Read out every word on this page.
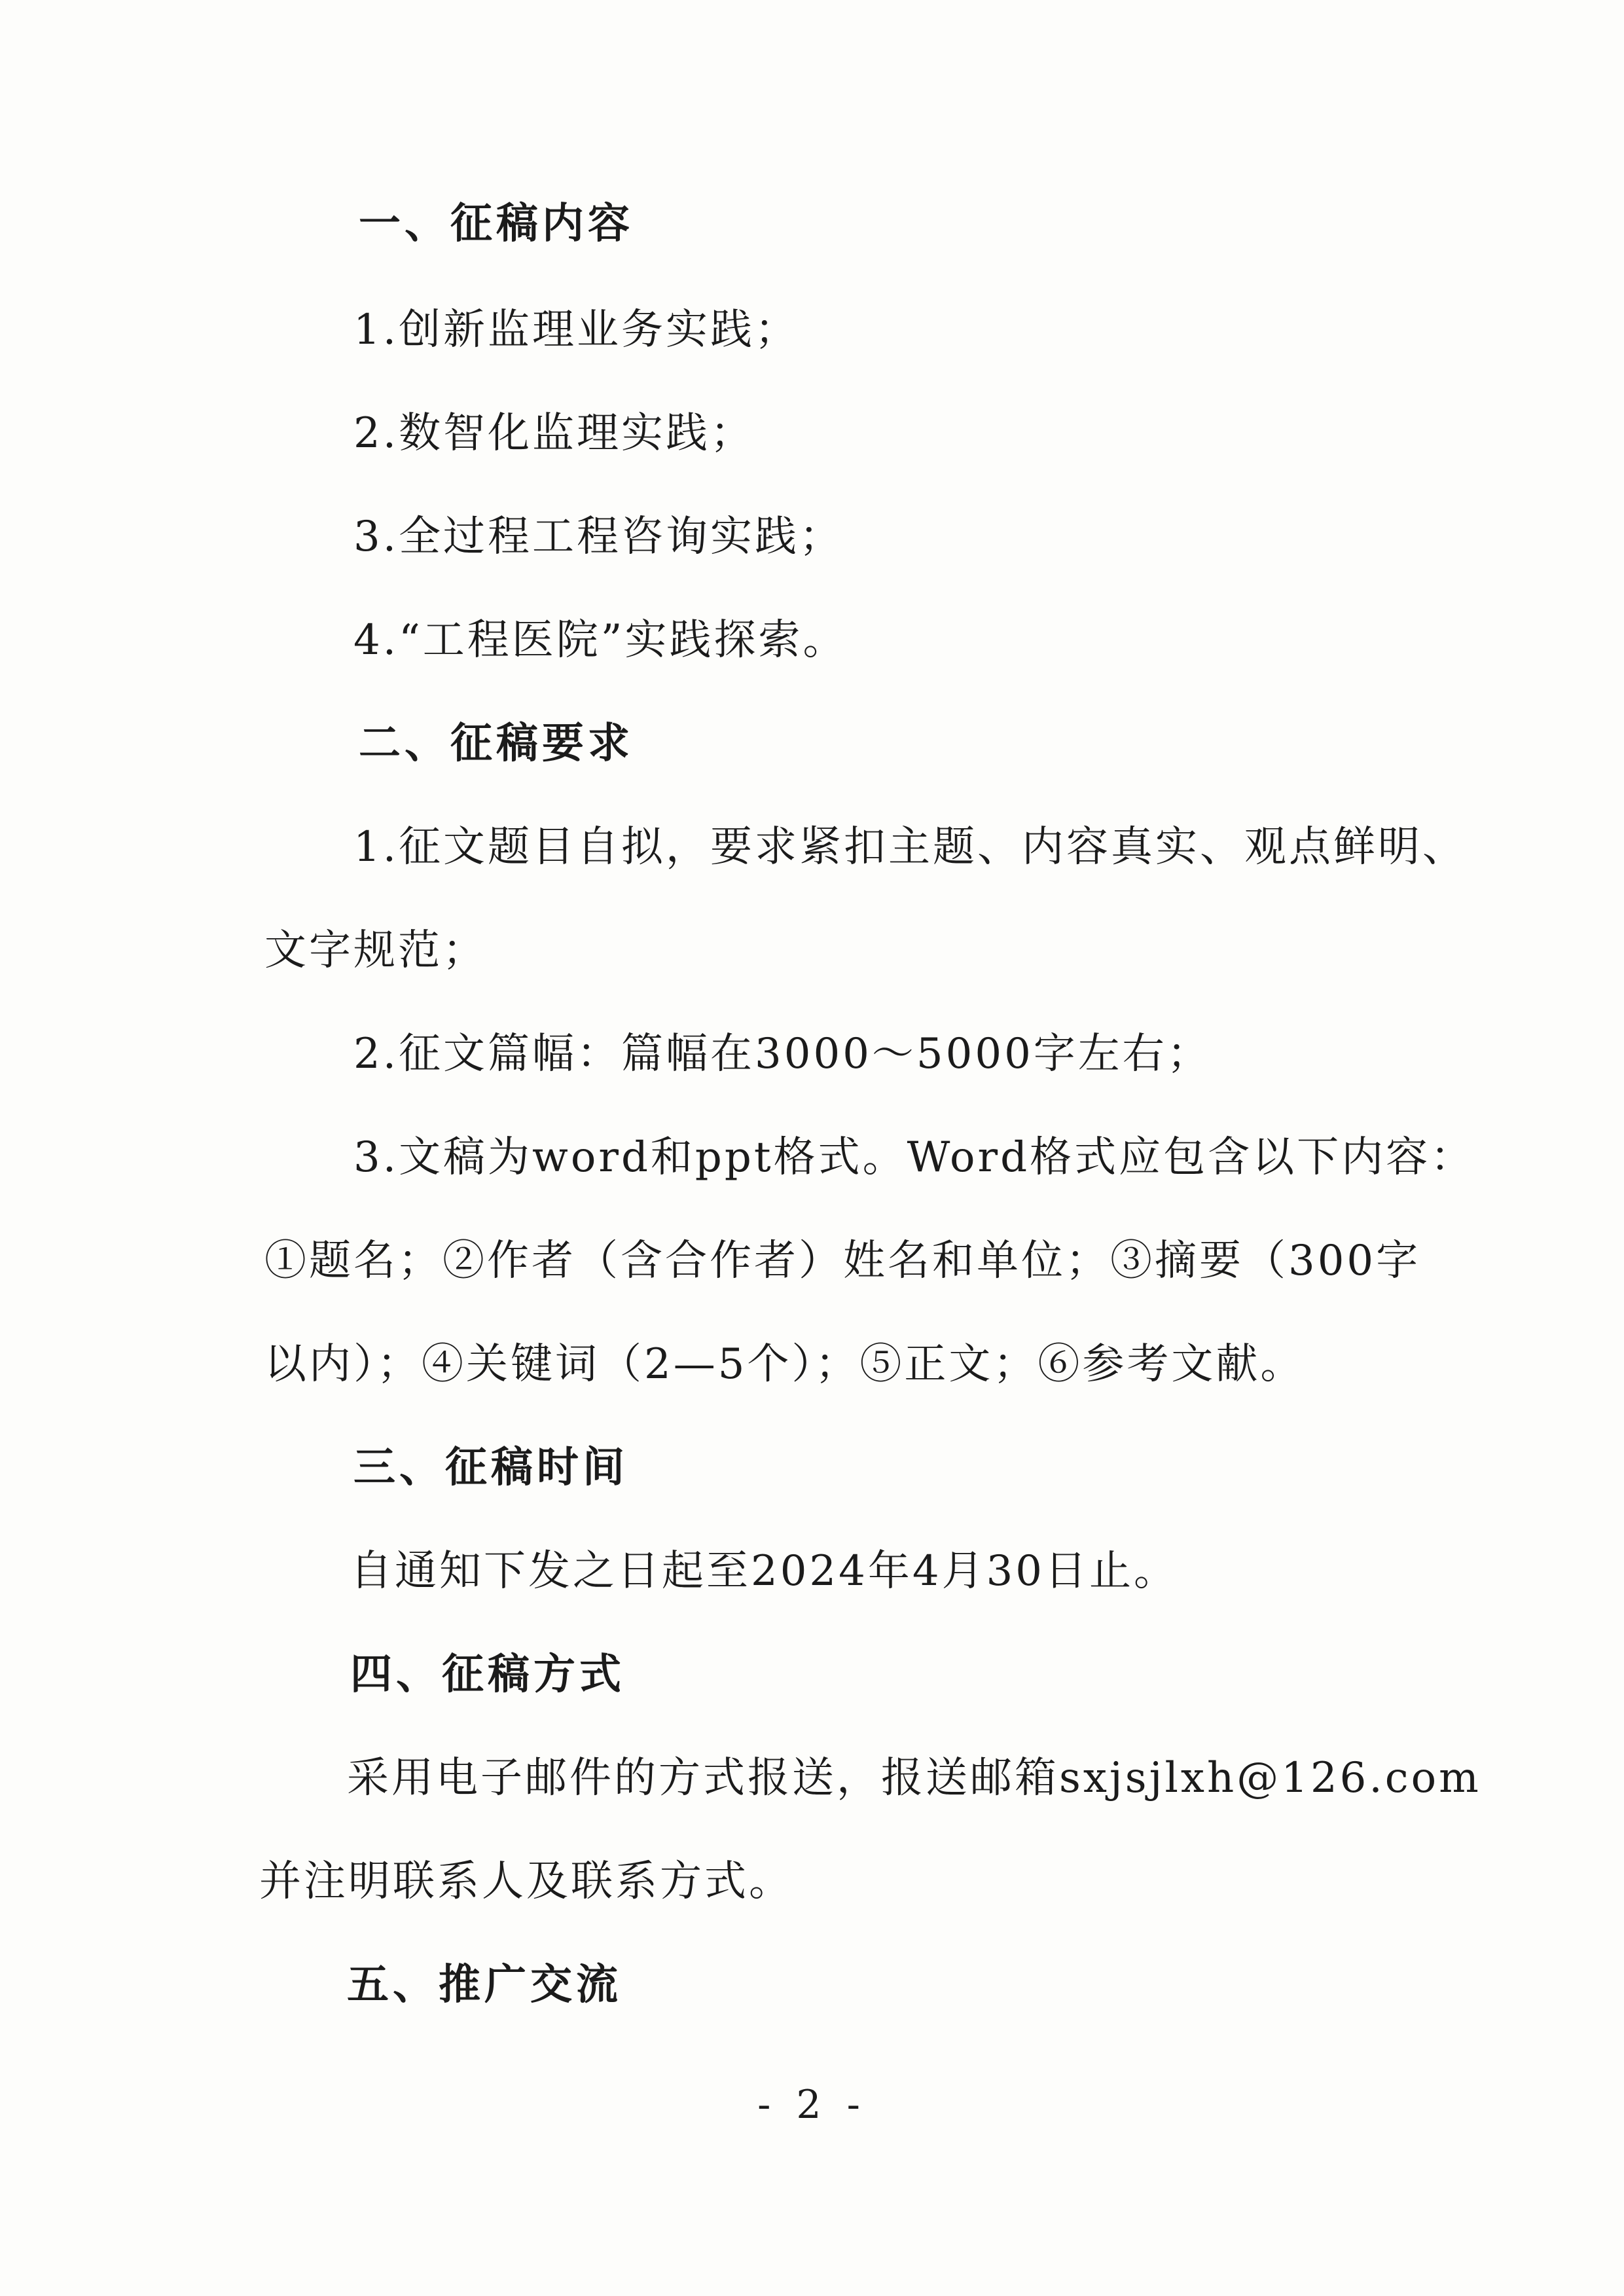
一、征稿内容
1.创新监理业务实践；
2.数智化监理实践；
3.全过程工程咨询实践；
4.“工程医院”实践探索。
二、征稿要求
1.征文题目自拟，要求紧扣主题、内容真实、观点鲜明、
文字规范；
2.征文篇幅：篇幅在3000～5000字左右；
3.文稿为word和ppt格式。Word格式应包含以下内容：
①题名；②作者（含合作者）姓名和单位；③摘要（300字
以内）；④关键词（2—5个）；⑤正文；⑥参考文献。
三、征稿时间
自通知下发之日起至2024年4月30日止。
四、征稿方式
采用电子邮件的方式报送，报送邮箱sxjsjlxh@126.com
并注明联系人及联系方式。
五、推广交流
- 2 -
